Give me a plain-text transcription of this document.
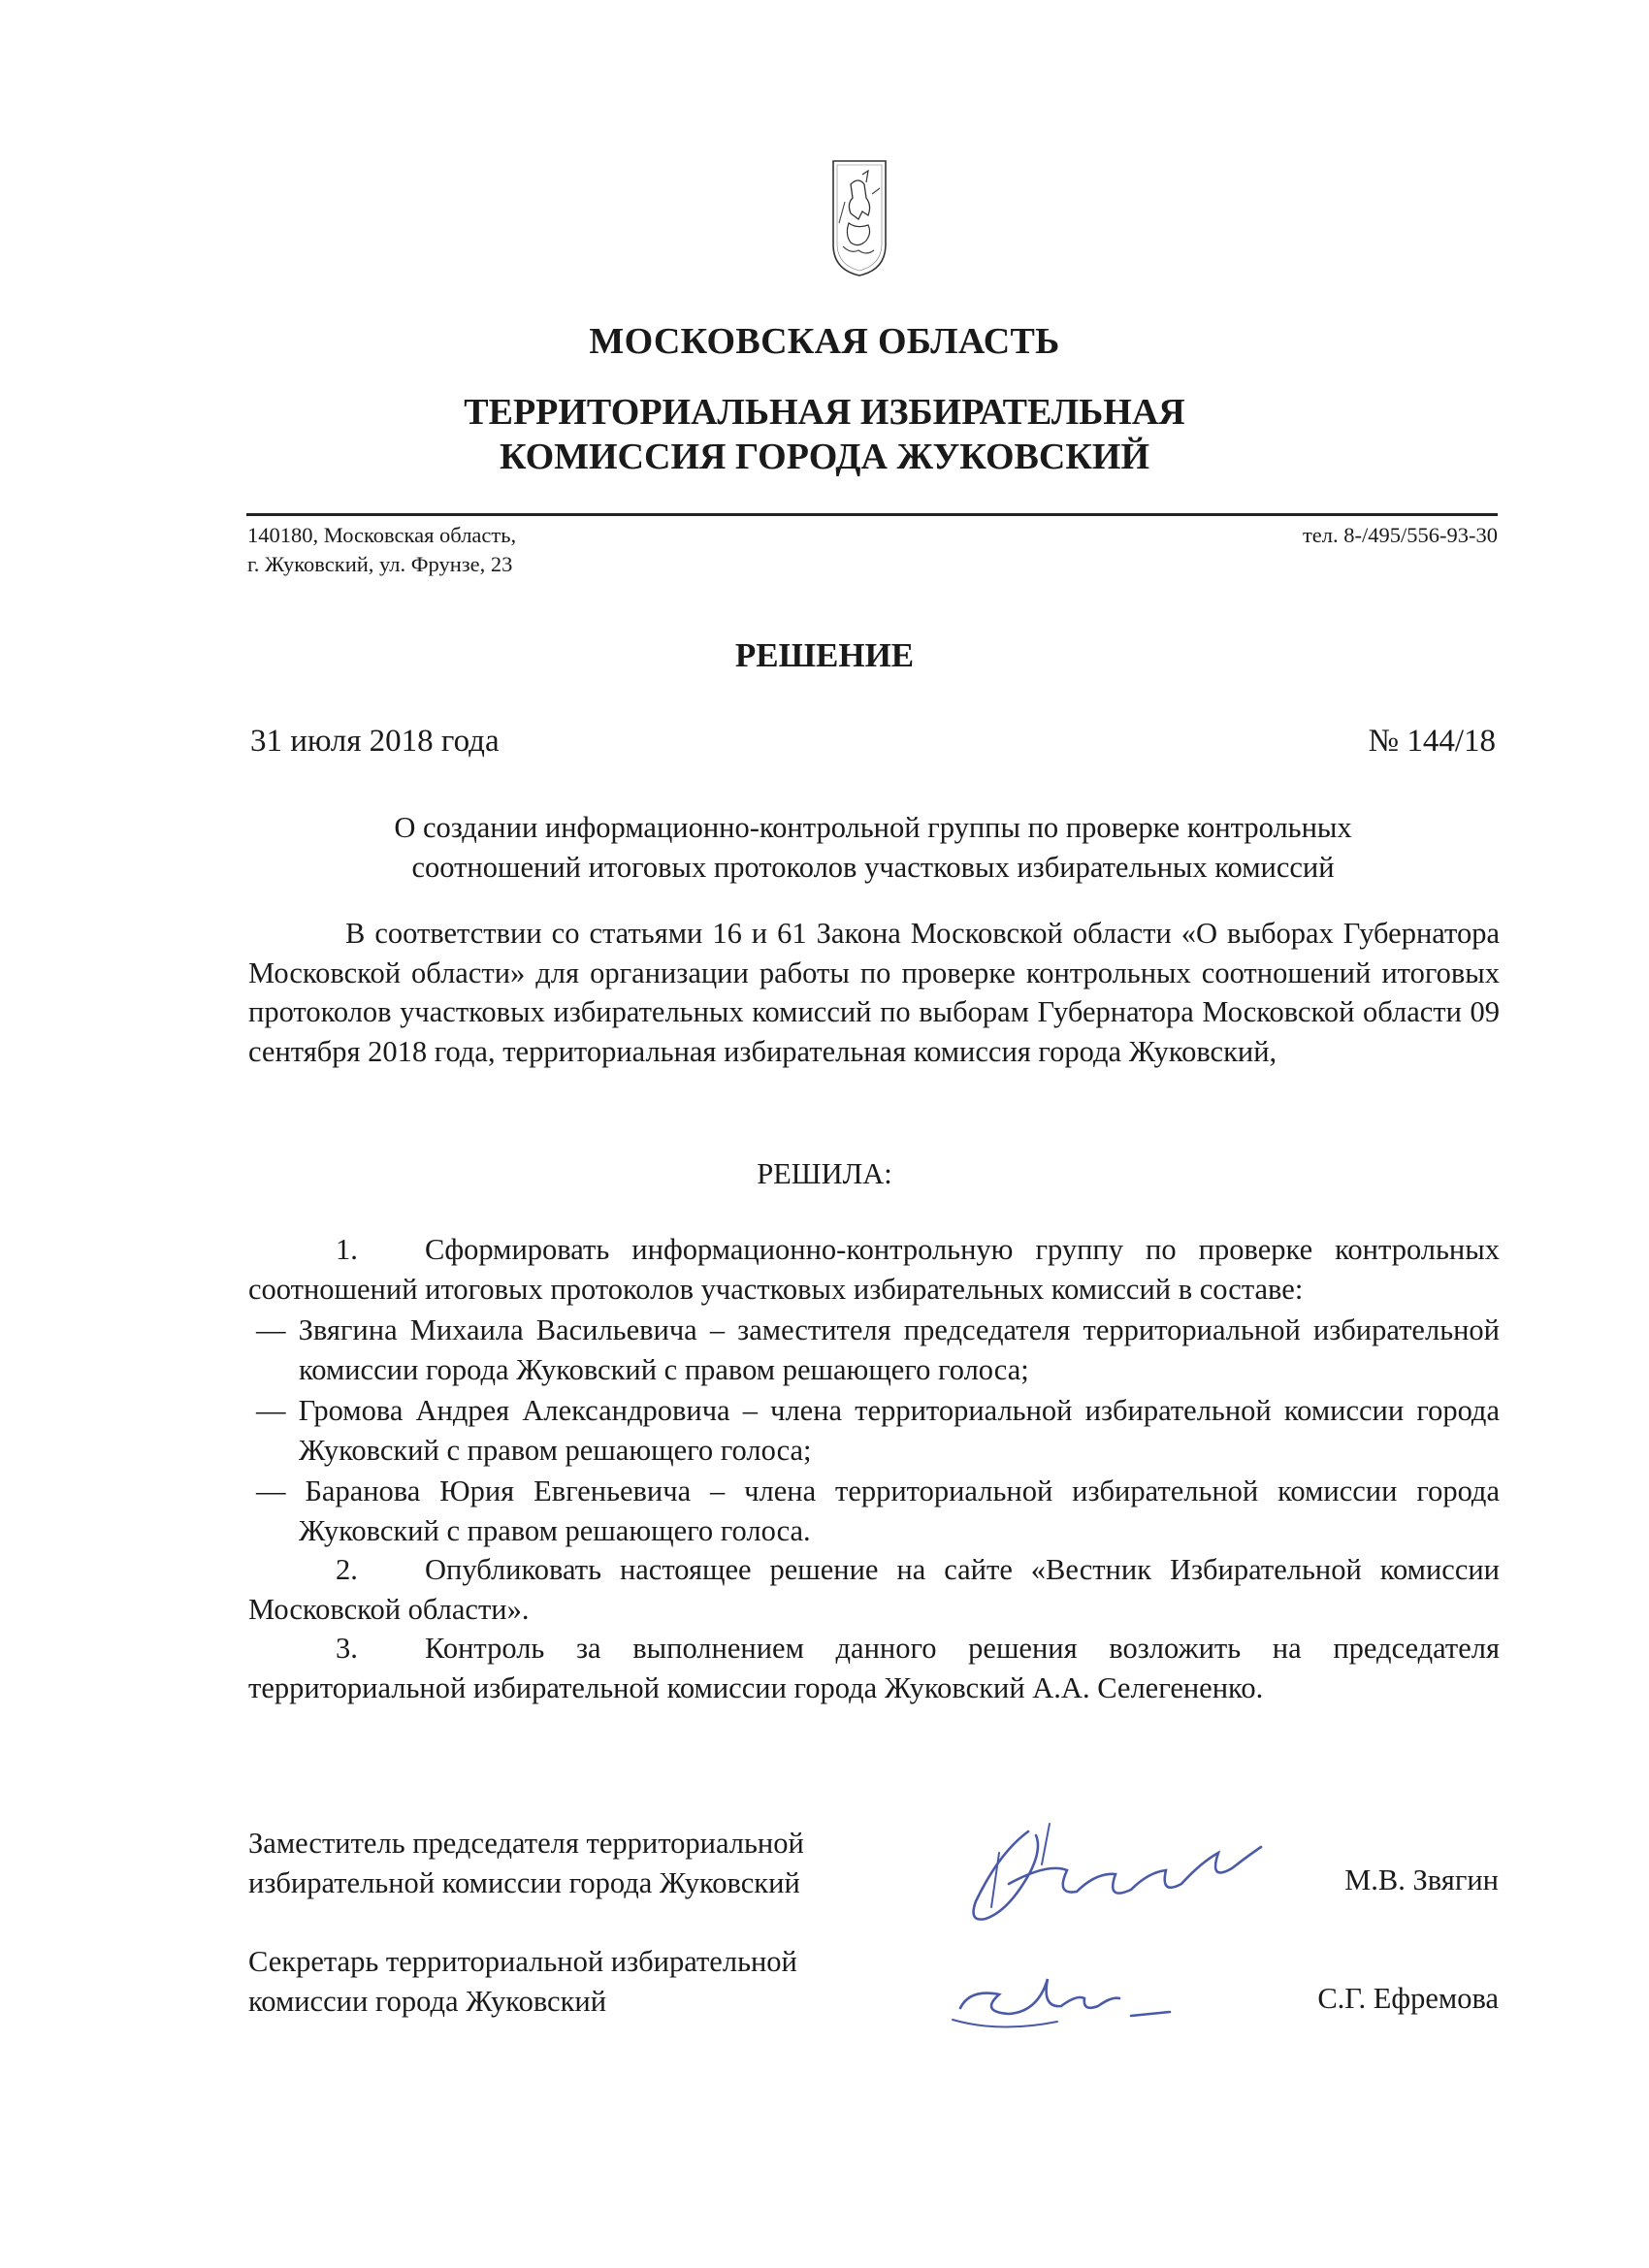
МОСКОВСКАЯ ОБЛАСТЬ
ТЕРРИТОРИАЛЬНАЯ ИЗБИРАТЕЛЬНАЯ
КОМИССИЯ ГОРОДА ЖУКОВСКИЙ
140180, Московская область,
г. Жуковский, ул. Фрунзе, 23
тел. 8-/495/556-93-30
РЕШЕНИЕ
31 июля 2018 года	№ 144/18
О создании информационно-контрольной группы по проверке контрольных
соотношений итоговых протоколов участковых избирательных комиссий

В соответствии со статьями 16 и 61 Закона Московской области «О выборах Губернатора Московской области» для организации работы по проверке контрольных соотношений итоговых протоколов участковых избирательных комиссий по выборам Губернатора Московской области 09 сентября 2018 года, территориальная избирательная комиссия города Жуковский,

РЕШИЛА:

1. Сформировать информационно-контрольную группу по проверке контрольных соотношений итоговых протоколов участковых избирательных комиссий в составе:

— Звягина Михаила Васильевича – заместителя председателя территориальной избирательной комиссии города Жуковский с правом решающего голоса;

— Громова Андрея Александровича – члена территориальной избирательной комиссии города Жуковский с правом решающего голоса;

— Баранова Юрия Евгеньевича – члена территориальной избирательной комиссии города Жуковский с правом решающего голоса.

2. Опубликовать настоящее решение на сайте «Вестник Избирательной комиссии Московской области».

3. Контроль за выполнением данного решения возложить на председателя территориальной избирательной комиссии города Жуковский А.А. Селегененко.

Заместитель председателя территориальной
избирательной комиссии города Жуковский	М.В. Звягин
Секретарь территориальной избирательной
комиссии города Жуковский	С.Г. Ефремова
